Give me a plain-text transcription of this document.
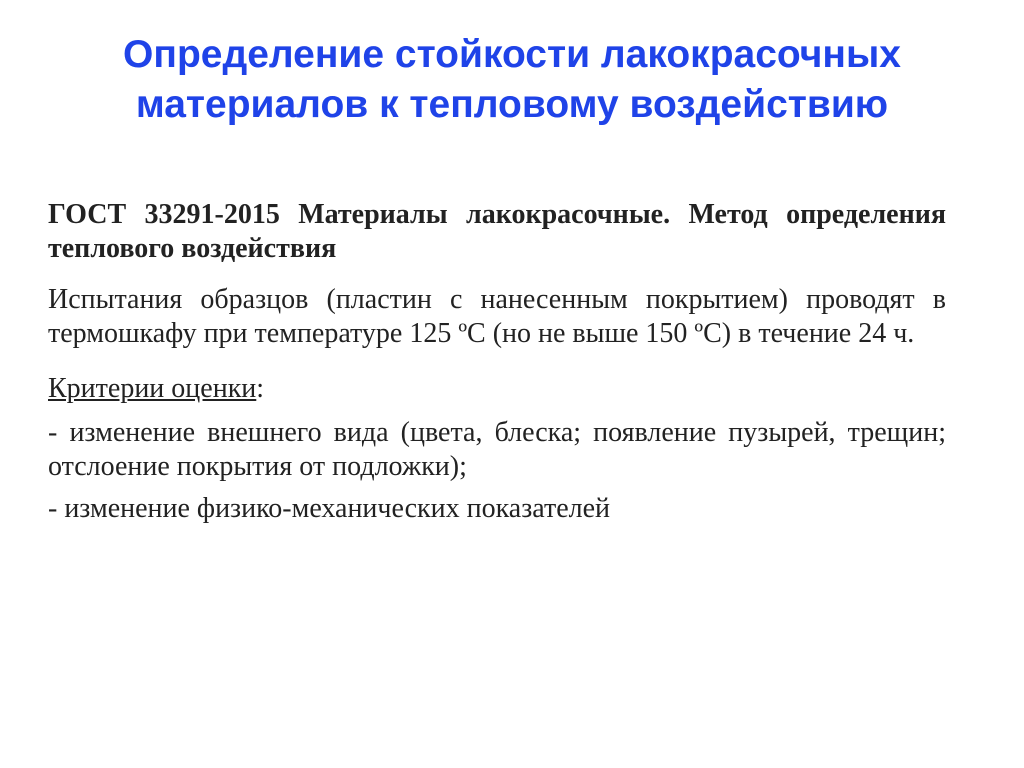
Определение стойкости лакокрасочных
материалов к тепловому воздействию

ГОСТ 33291-2015 Материалы лакокрасочные. Метод определения теплового воздействия

Испытания образцов (пластин с нанесенным покрытием) проводят в термошкафу при температуре 125 ºС (но не выше 150 ºС) в течение 24 ч.

Критерии оценки:

- изменение внешнего вида (цвета, блеска; появление пузырей, трещин; отслоение покрытия от подложки);

- изменение физико-механических показателей
